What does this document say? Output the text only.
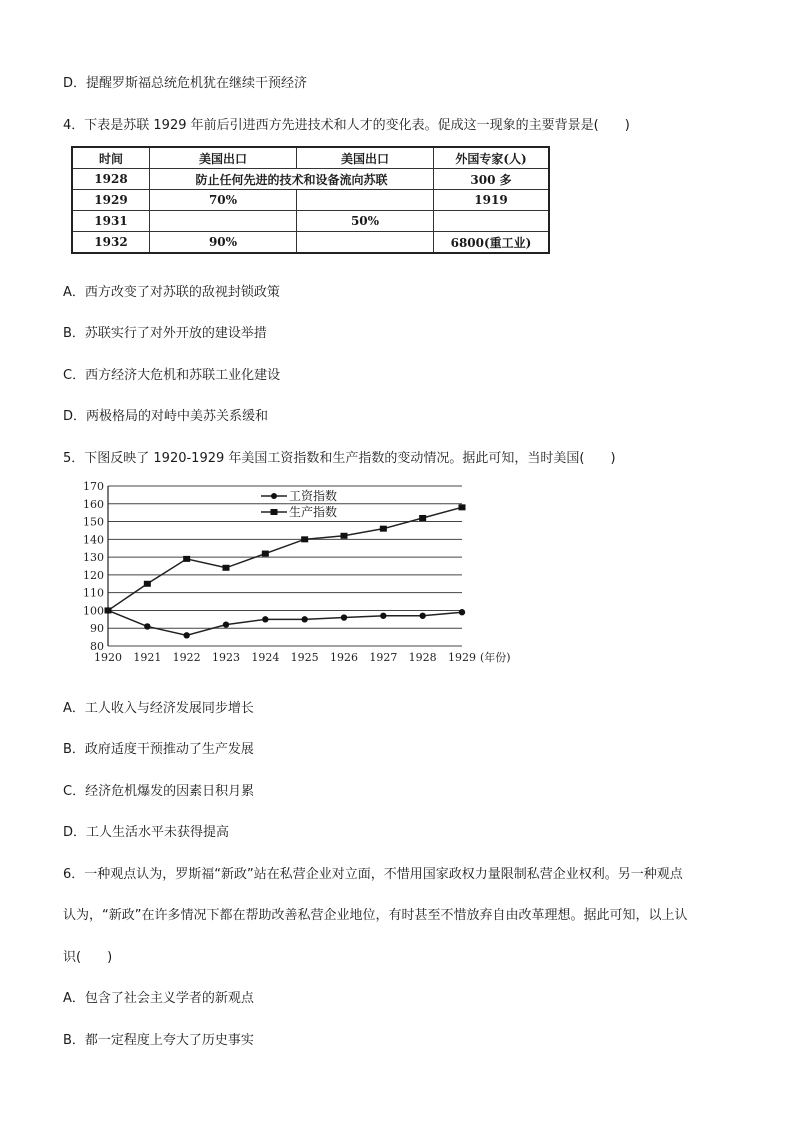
D．提醒罗斯福总统危机犹在继续干预经济
4．下表是苏联 1929 年前后引进西方先进技术和人才的变化表。促成这一现象的主要背景是(　　)
时间	美国出口	美国出口	外国专家(人)
1928	防止任何先进的技术和设备流向苏联		300 多
1929	70%		1919
1931		50%	
1932	90%		6800(重工业)
A．西方改变了对苏联的敌视封锁政策
B．苏联实行了对外开放的建设举措
C．西方经济大危机和苏联工业化建设
D．两极格局的对峙中美苏关系缓和
5．下图反映了 1920-1929 年美国工资指数和生产指数的变动情况。据此可知，当时美国(　　)
80
90
100
110
120
130
140
150
160
170
1920 1921 1922 1923 1924 1925 1926 1927 1928 1929 (年份)
工资指数
生产指数
A．工人收入与经济发展同步增长
B．政府适度干预推动了生产发展
C．经济危机爆发的因素日积月累
D．工人生活水平未获得提高
6．一种观点认为，罗斯福“新政”站在私营企业对立面，不惜用国家政权力量限制私营企业权利。另一种观点
认为，“新政”在许多情况下都在帮助改善私营企业地位，有时甚至不惜放弃自由改革理想。据此可知，以上认
识(　　)
A．包含了社会主义学者的新观点
B．都一定程度上夸大了历史事实
